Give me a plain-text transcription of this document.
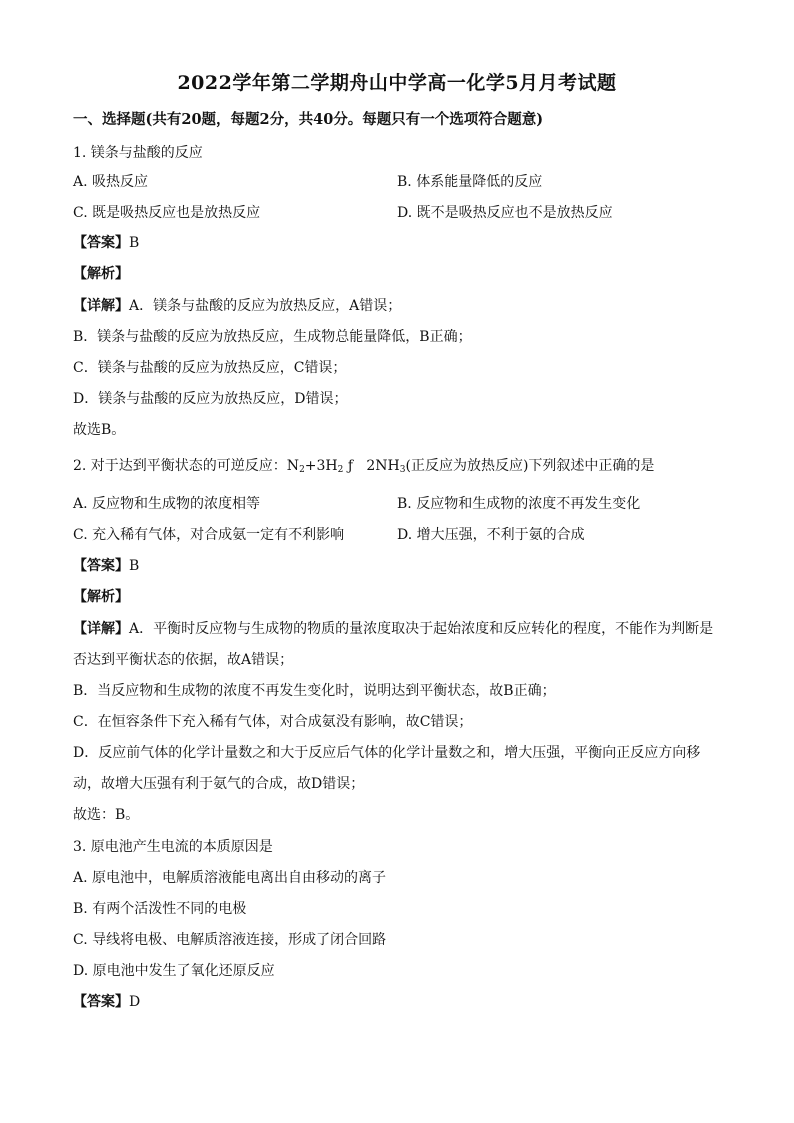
2022学年第二学期舟山中学高一化学5月月考试题
一、选择题(共有20题，每题2分，共40分。每题只有一个选项符合题意)
1. 镁条与盐酸的反应
A. 吸热反应	B. 体系能量降低的反应
C. 既是吸热反应也是放热反应	D. 既不是吸热反应也不是放热反应
【 答案 】 B
【 解析 】
【 详解 】 A．镁条与盐酸的反应为放热反应，A错误；
B．镁条与盐酸的反应为放热反应，生成物总能量降低，B正确；
C．镁条与盐酸的反应为放热反应，C错误；
D．镁条与盐酸的反应为放热反应，D错误；
故选B。
2. 对于达到平衡状态的可逆反应：$N_2+3H_2$ ƒ   $2NH_3$(正反应为放热反应)下列叙述中正确的是
A. 反应物和生成物的浓度相等	B. 反应物和生成物的浓度不再发生变化
C. 充入稀有气体，对合成氨一定有不利影响	D. 增大压强，不利于氨的合成
【 答案 】 B
【 解析 】
【 详解 】 A．平衡时反应物与生成物的物质的量浓度取决于起始浓度和反应转化的程度，不能作为判断是
否达到平衡状态的依据，故A错误；
B．当反应物和生成物的浓度不再发生变化时，说明达到平衡状态，故B正确；
C．在恒容条件下充入稀有气体，对合成氨没有影响，故C错误；
D．反应前气体的化学计量数之和大于反应后气体的化学计量数之和，增大压强，平衡向正反应方向移
动，故增大压强有利于氨气的合成，故D错误；
故选：B。
3. 原电池产生电流的本质原因是
A. 原电池中，电解质溶液能电离出自由移动的离子
B. 有两个活泼性不同的电极
C. 导线将电极、电解质溶液连接，形成了闭合回路
D. 原电池中发生了氧化还原反应
【 答案 】 D
